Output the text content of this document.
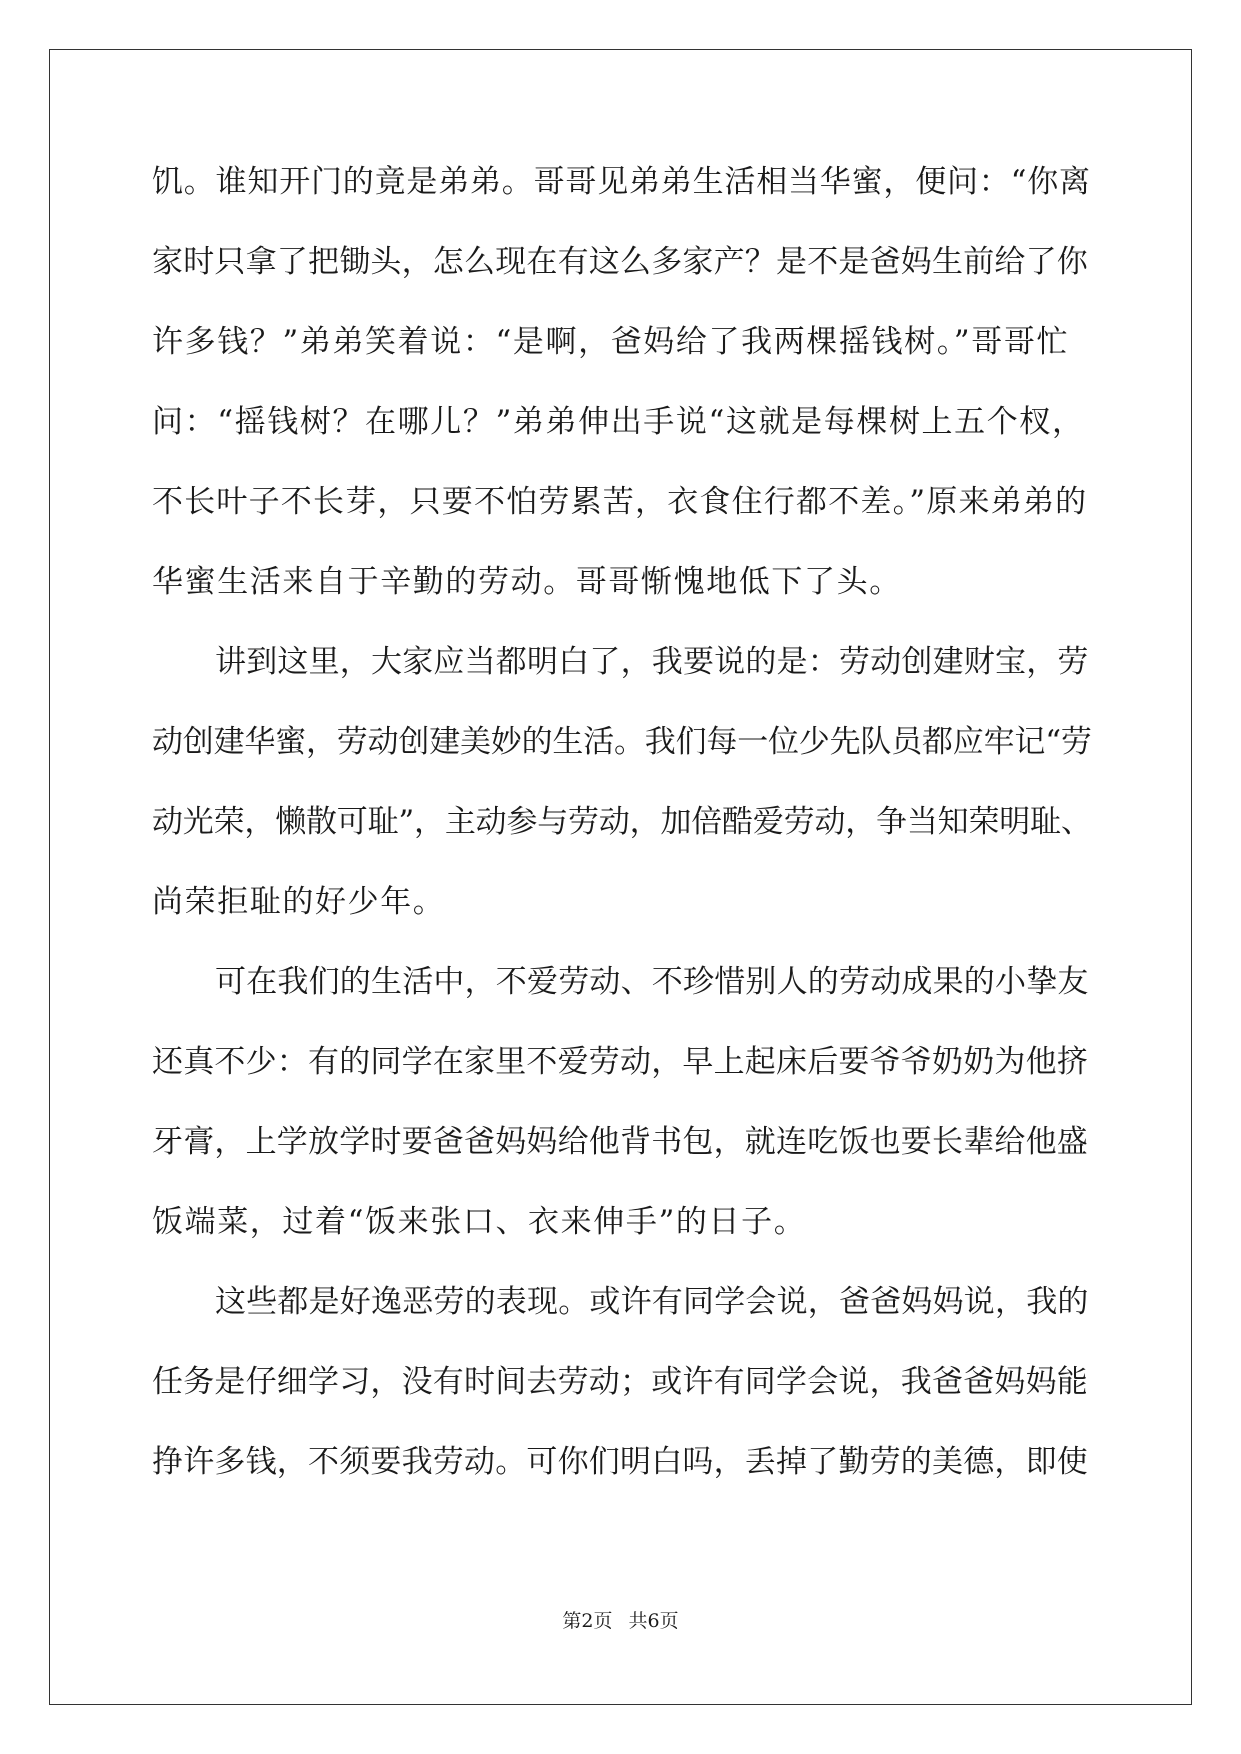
饥。谁知开门的竟是弟弟。哥哥见弟弟生活相当华蜜，便问：“你离
家时只拿了把锄头，怎么现在有这么多家产？是不是爸妈生前给了你
许多钱？”弟弟笑着说：“是啊，爸妈给了我两棵摇钱树。”哥哥忙
问：“摇钱树？在哪儿？”弟弟伸出手说“这就是每棵树上五个杈，
不长叶子不长芽，只要不怕劳累苦，衣食住行都不差。”原来弟弟的
华蜜生活来自于辛勤的劳动。哥哥惭愧地低下了头。
讲到这里，大家应当都明白了，我要说的是：劳动创建财宝，劳
动创建华蜜，劳动创建美妙的生活。我们每一位少先队员都应牢记“劳
动光荣，懒散可耻”，主动参与劳动，加倍酷爱劳动，争当知荣明耻、
尚荣拒耻的好少年。
可在我们的生活中，不爱劳动、不珍惜别人的劳动成果的小挚友
还真不少：有的同学在家里不爱劳动，早上起床后要爷爷奶奶为他挤
牙膏，上学放学时要爸爸妈妈给他背书包，就连吃饭也要长辈给他盛
饭端菜，过着“饭来张口、衣来伸手”的日子。
这些都是好逸恶劳的表现。或许有同学会说，爸爸妈妈说，我的
任务是仔细学习，没有时间去劳动；或许有同学会说，我爸爸妈妈能
挣许多钱，不须要我劳动。可你们明白吗，丢掉了勤劳的美德，即使
第2页 共6页
